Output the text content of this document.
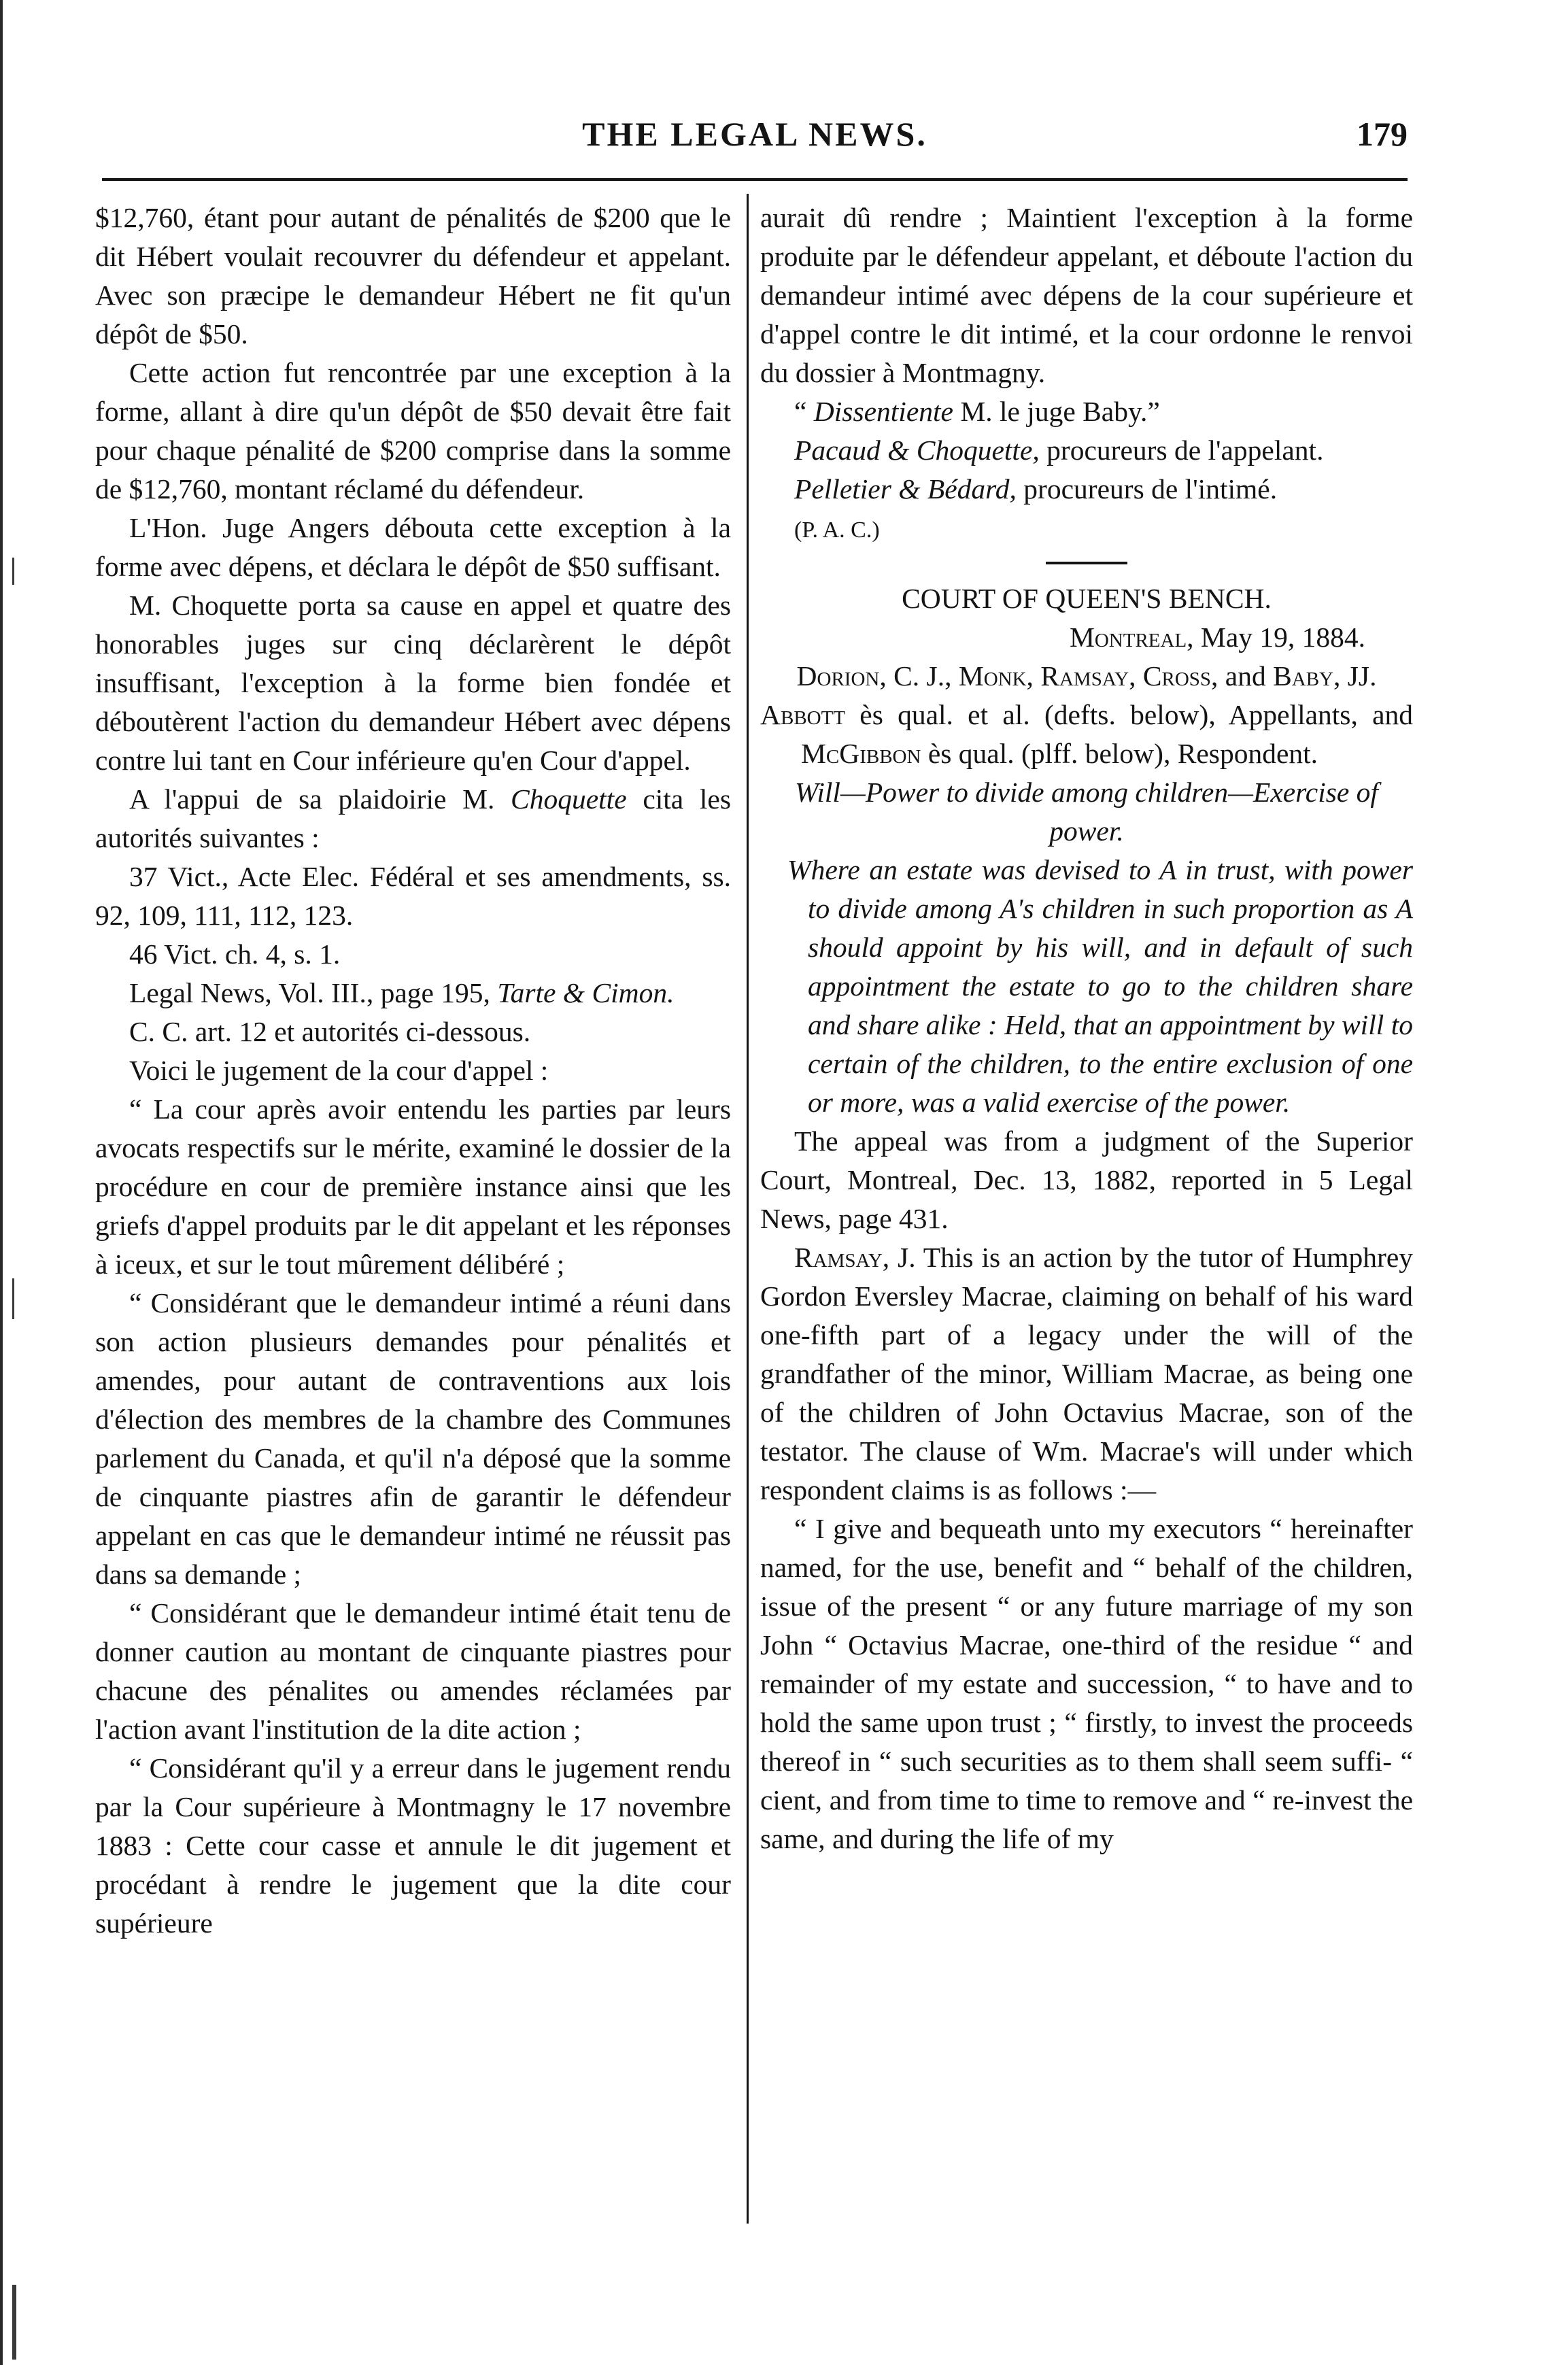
THE LEGAL NEWS.	179

$12,760, étant pour autant de pénalités de $200 que le dit Hébert voulait recouvrer du défendeur et appelant. Avec son præcipe le demandeur Hébert ne fit qu'un dépôt de $50.

Cette action fut rencontrée par une exception à la forme, allant à dire qu'un dépôt de $50 devait être fait pour chaque pénalité de $200 comprise dans la somme de $12,760, montant réclamé du défendeur.

L'Hon. Juge Angers débouta cette exception à la forme avec dépens, et déclara le dépôt de $50 suffisant.

M. Choquette porta sa cause en appel et quatre des honorables juges sur cinq déclarèrent le dépôt insuffisant, l'exception à la forme bien fondée et déboutèrent l'action du demandeur Hébert avec dépens contre lui tant en Cour inférieure qu'en Cour d'appel.

A l'appui de sa plaidoirie M. Choquette cita les autorités suivantes :

37 Vict., Acte Elec. Fédéral et ses amendments, ss. 92, 109, 111, 112, 123.

46 Vict. ch. 4, s. 1.

Legal News, Vol. III., page 195, Tarte & Cimon.

C. C. art. 12 et autorités ci-dessous.

Voici le jugement de la cour d'appel :

“ La cour après avoir entendu les parties par leurs avocats respectifs sur le mérite, examiné le dossier de la procédure en cour de première instance ainsi que les griefs d'appel produits par le dit appelant et les réponses à iceux, et sur le tout mûrement délibéré ;

“ Considérant que le demandeur intimé a réuni dans son action plusieurs demandes pour pénalités et amendes, pour autant de contraventions aux lois d'élection des membres de la chambre des Communes parlement du Canada, et qu'il n'a déposé que la somme de cinquante piastres afin de garantir le défendeur appelant en cas que le demandeur intimé ne réussit pas dans sa demande ;

“ Considérant que le demandeur intimé était tenu de donner caution au montant de cinquante piastres pour chacune des pénalites ou amendes réclamées par l'action avant l'institution de la dite action ;

“ Considérant qu'il y a erreur dans le jugement rendu par la Cour supérieure à Montmagny le 17 novembre 1883 : Cette cour casse et annule le dit jugement et procédant à rendre le jugement que la dite cour supérieure

aurait dû rendre ; Maintient l'exception à la forme produite par le défendeur appelant, et déboute l'action du demandeur intimé avec dépens de la cour supérieure et d'appel contre le dit intimé, et la cour ordonne le renvoi du dossier à Montmagny.

“ Dissentiente M. le juge Baby.”

Pacaud & Choquette, procureurs de l'appelant.

Pelletier & Bédard, procureurs de l'intimé.

(P. A. C.)

COURT OF QUEEN'S BENCH.

Montreal, May 19, 1884.

Dorion, C. J., Monk, Ramsay, Cross, and Baby, JJ.

Abbott ès qual. et al. (defts. below), Appellants, and McGibbon ès qual. (plff. below), Respondent.

Will—Power to divide among children—Exercise of power.

Where an estate was devised to A in trust, with power to divide among A's children in such proportion as A should appoint by his will, and in default of such appointment the estate to go to the children share and share alike : Held, that an appointment by will to certain of the children, to the entire exclusion of one or more, was a valid exercise of the power.

The appeal was from a judgment of the Superior Court, Montreal, Dec. 13, 1882, reported in 5 Legal News, page 431.

Ramsay, J. This is an action by the tutor of Humphrey Gordon Eversley Macrae, claiming on behalf of his ward one-fifth part of a legacy under the will of the grandfather of the minor, William Macrae, as being one of the children of John Octavius Macrae, son of the testator. The clause of Wm. Macrae's will under which respondent claims is as follows :—

“ I give and bequeath unto my executors “ hereinafter named, for the use, benefit and “ behalf of the children, issue of the present “ or any future marriage of my son John “ Octavius Macrae, one-third of the residue “ and remainder of my estate and succession, “ to have and to hold the same upon trust ; “ firstly, to invest the proceeds thereof in “ such securities as to them shall seem suffi- “ cient, and from time to time to remove and “ re-invest the same, and during the life of my
